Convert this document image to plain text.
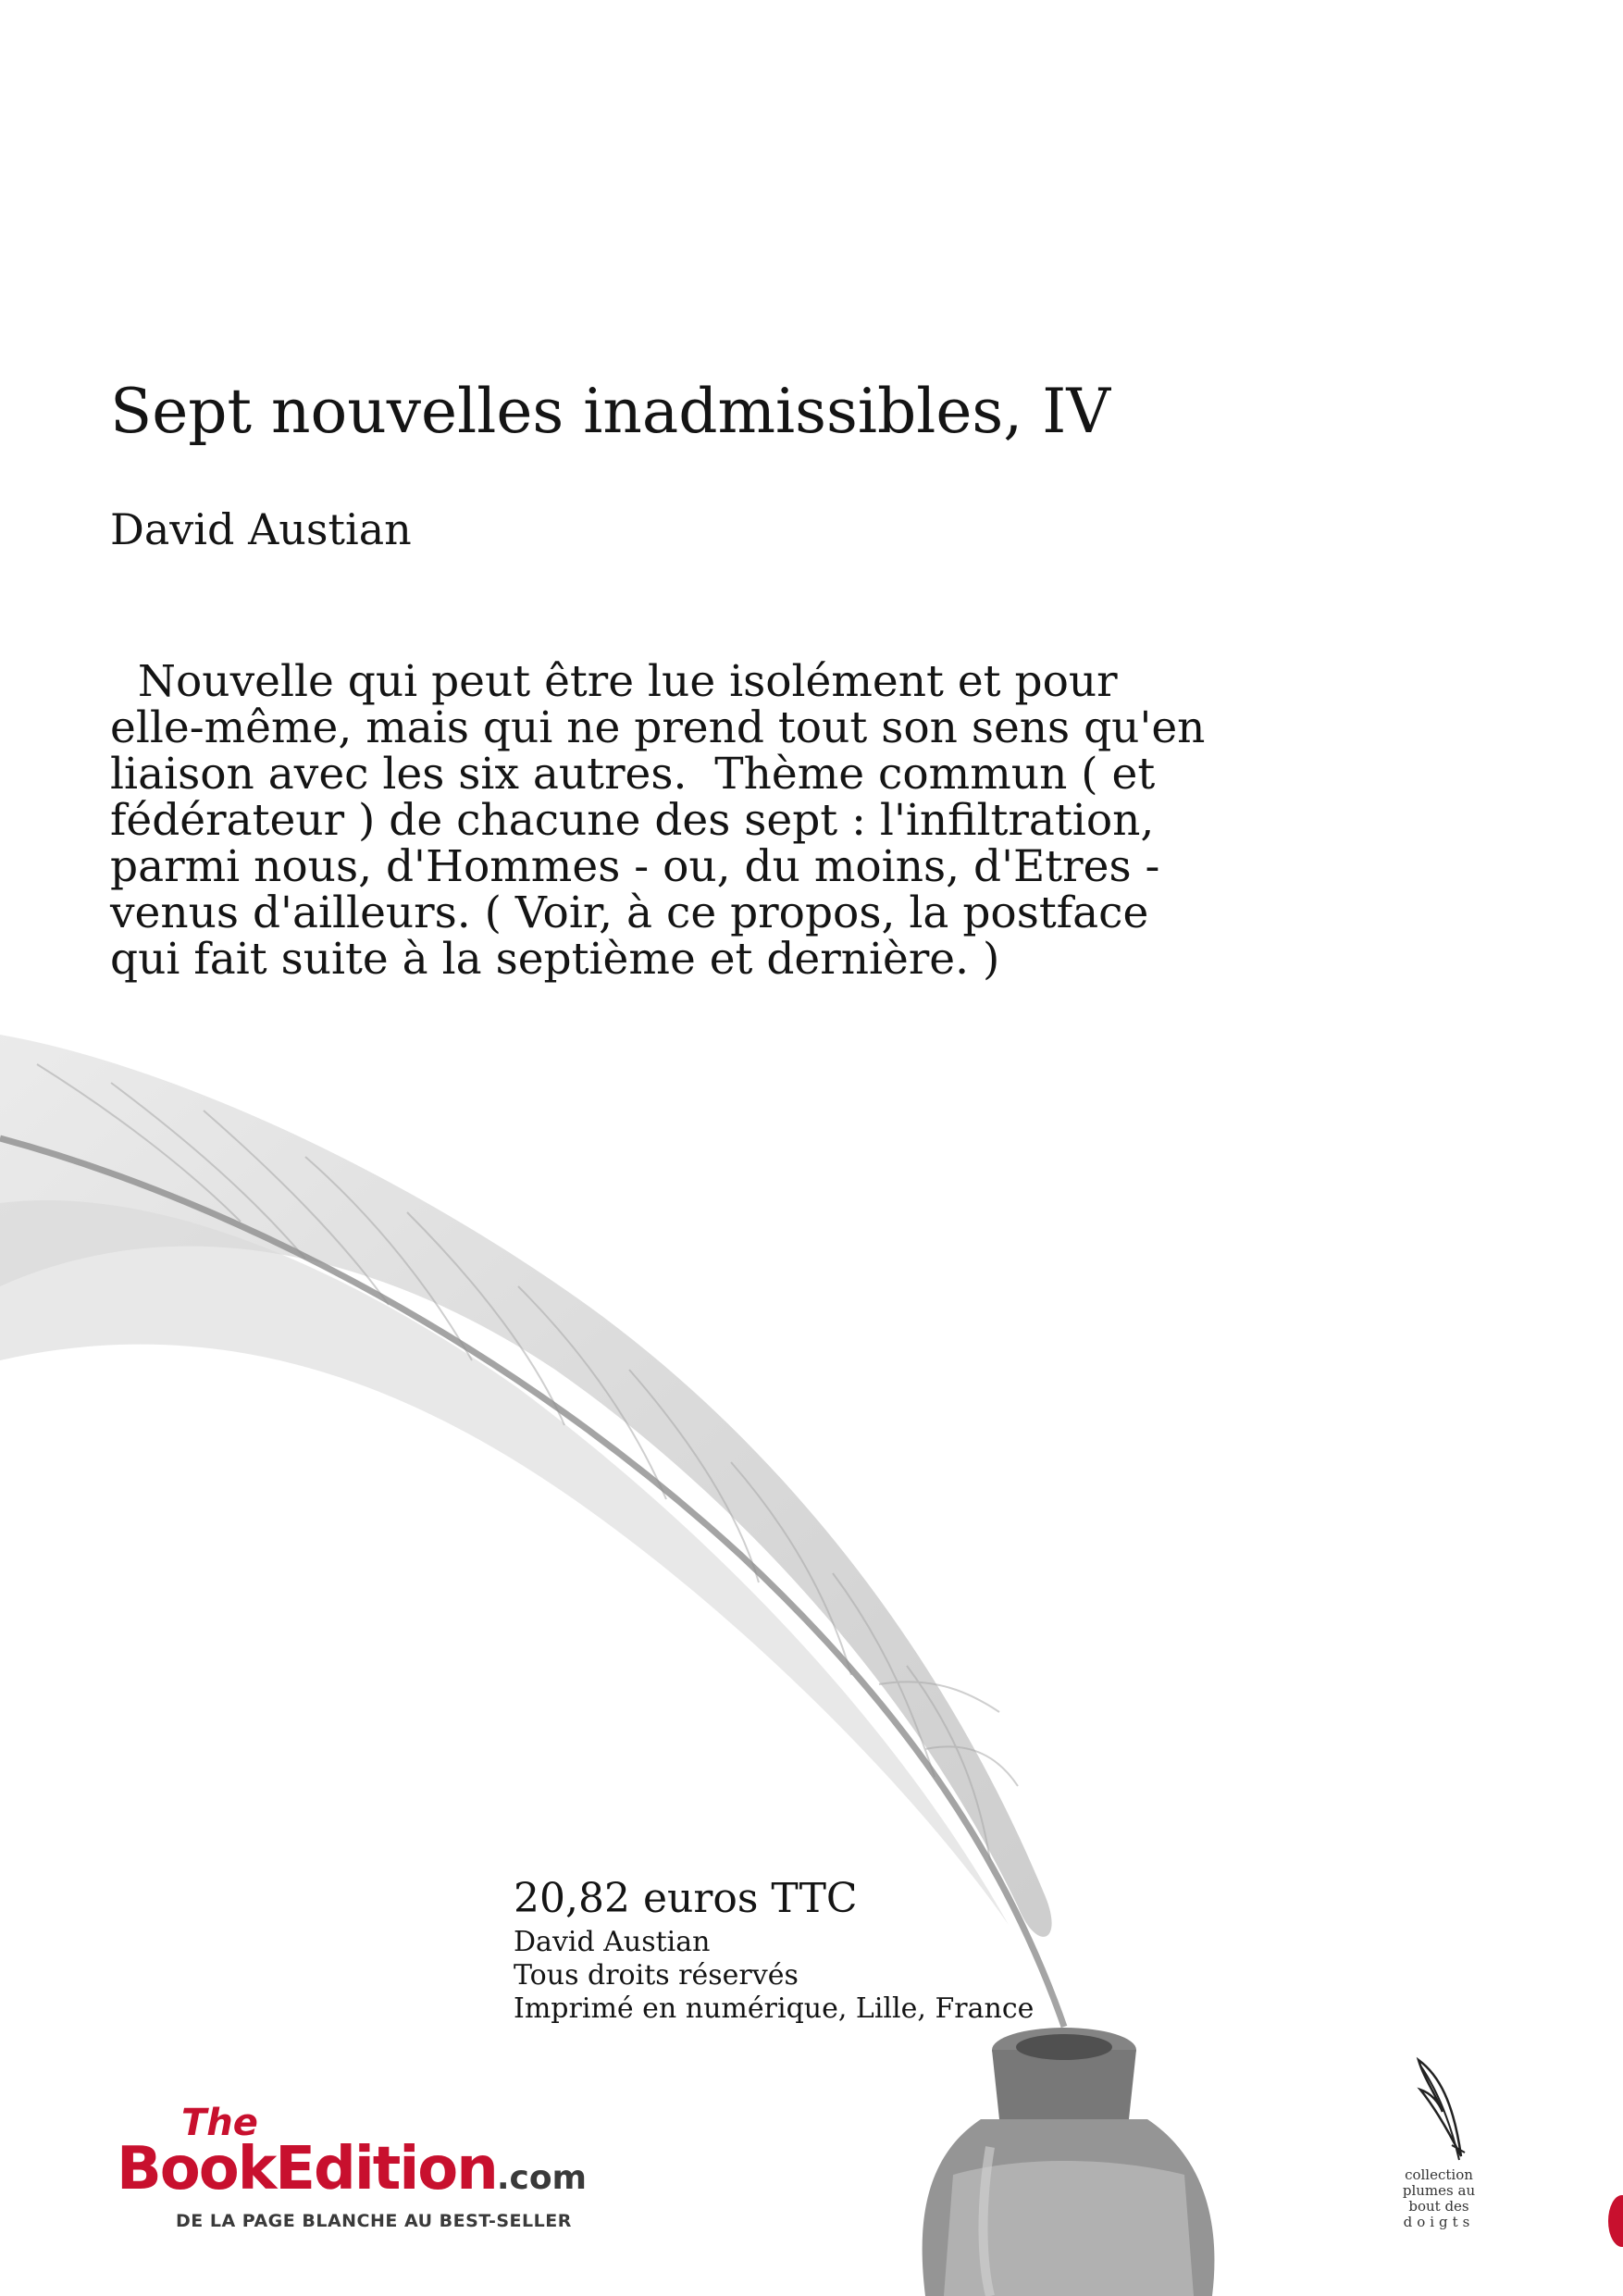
Sept nouvelles inadmissibles, IV
David Austian
Nouvelle qui peut être lue isolément et pour elle-même, mais qui ne prend tout son sens qu'en liaison avec les six autres.  Thème commun ( et fédérateur ) de chacune des sept : l'infiltration, parmi nous, d'Hommes - ou, du moins, d'Etres - venus d'ailleurs. ( Voir, à ce propos, la postface qui fait suite à la septième et dernière. )
20,82 euros TTC
David Austian
Tous droits réservés
Imprimé en numérique, Lille, France
The
BookEdition.com
DE LA PAGE BLANCHE AU BEST-SELLER
collection
plumes au
bout des
doigts
